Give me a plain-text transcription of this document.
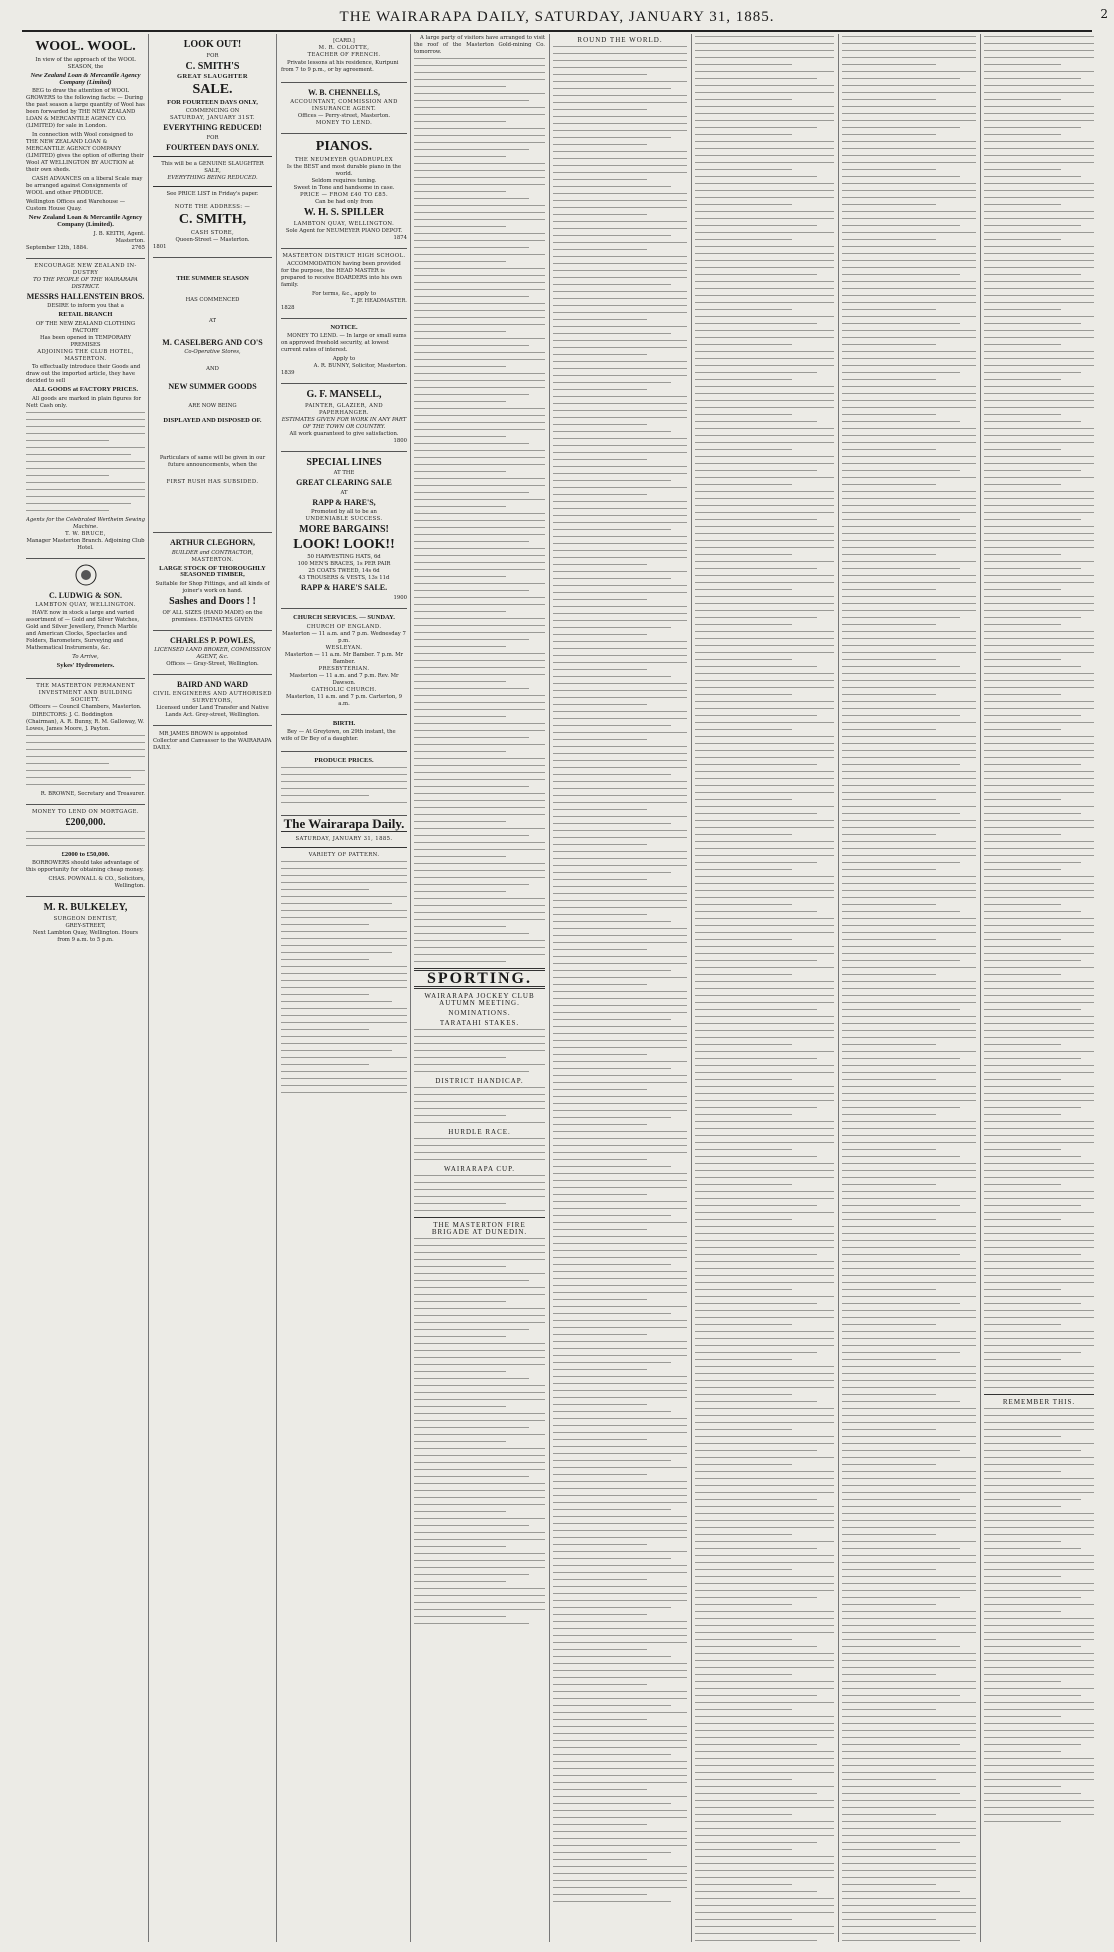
THE WAIRARAPA DAILY, SATURDAY, JANUARY 31, 1885.	2
WOOL. WOOL.
In view of the approach of the WOOL SEASON, the
New Zealand Loan & Mercantile Agency Company (Limited)

BEG to draw the attention of WOOL GROWERS to the following facts: — During the past season a large quantity of Wool has been forwarded by THE NEW ZEALAND LOAN & MERCANTILE AGENCY CO. (LIMITED) for sale in London.

In connection with Wool consigned to THE NEW ZEALAND LOAN & MERCANTILE AGENCY COMPANY (LIMITED) gives the option of offering their Wool AT WELLINGTON BY AUCTION at their own sheds.

CASH ADVANCES on a liberal Scale may be arranged against Consignments of WOOL and other PRODUCE.

Wellington Offices and Warehouse — Custom House Quay.
New Zealand Loan & Mercantile Agency Company (Limited).
J. B. KEITH, Agent.
Masterton.
September 12th, 1884.	2765
ENCOURAGE NEW ZEALAND IN-DUSTRY
TO THE PEOPLE OF THE WAIRARAPA DISTRICT.
MESSRS HALLENSTEIN BROS.
DESIRE to inform you that a
RETAIL BRANCH
OF THE NEW ZEALAND CLOTHING FACTORY
Has been opened in TEMPORARY PREMISES
ADJOINING THE CLUB HOTEL, MASTERTON.

To effectually introduce their Goods and draw out the imported article, they have decided to sell

ALL GOODS at FACTORY PRICES.

All goods are marked in plain figures for Nett Cash only.

Agents for the Celebrated Wertheim Sewing Machine.
T. W. BRUCE,
Manager Masterton Branch. Adjoining Club Hotel.
C. LUDWIG & SON.
LAMBTON QUAY, WELLINGTON.

HAVE now in stock a large and varied assortment of — Gold and Silver Watches, Gold and Silver Jewellery, French Marble and American Clocks, Spectacles and Folders, Barometers, Surveying and Mathematical Instruments, &c.

To Arrive,
Sykes' Hydrometers.
THE MASTERTON PERMANENT INVESTMENT AND BUILDING SOCIETY.
Officers — Council Chambers, Masterton.

DIRECTORS: J. C. Boddington (Chairman), A. R. Bunny, R. M. Galloway, W. Lowes, James Moore, J. Payton.

R. BROWNE, Secretary and Treasurer.
MONEY TO LEND ON MORTGAGE.
£200,000.
£2000 to £50,000.

BORROWERS should take advantage of this opportunity for obtaining cheap money.

CHAS. POWNALL & CO., Solicitors, Wellington.
M. R. BULKELEY,
SURGEON DENTIST,
GREY-STREET,
Next Lambton Quay, Wellington. Hours from 9 a.m. to 5 p.m.
LOOK OUT!
FOR
C. SMITH'S
GREAT SLAUGHTER
SALE.
FOR FOURTEEN DAYS ONLY,
COMMENCING ON
SATURDAY, JANUARY 31ST.
EVERYTHING REDUCED!
FOR
FOURTEEN DAYS ONLY.
This will be a GENUINE SLAUGHTER SALE,
EVERYTHING BEING REDUCED.
See PRICE LIST in Friday's paper.
NOTE THE ADDRESS: —
C. SMITH,
CASH STORE,
Queen-Street — Masterton.
1801
THE SUMMER SEASON
HAS COMMENCED
AT
M. CASELBERG AND CO'S
Co-Operative Stores,
AND
NEW SUMMER GOODS
ARE NOW BEING
DISPLAYED AND DISPOSED OF.
Particulars of same will be given in our future announcements, when the
FIRST RUSH HAS SUBSIDED.
ARTHUR CLEGHORN,
BUILDER and CONTRACTOR,
MASTERTON.
LARGE STOCK OF THOROUGHLY SEASONED TIMBER,
Suitable for Shop Fittings, and all kinds of joiner's work on hand.
Sashes and Doors ! !
OF ALL SIZES (HAND MADE) on the premises. ESTIMATES GIVEN
CHARLES P. POWLES,
LICENSED LAND BROKER, COMMISSION AGENT, &c.
Offices — Gray-Street, Wellington.
BAIRD AND WARD
CIVIL ENGINEERS AND AUTHORISED SURVEYORS,
Licensed under Land Transfer and Native Lands Act. Grey-street, Wellington.

MR JAMES BROWN is appointed Collector and Canvasser to the WAIRARAPA DAILY.

[CARD.]
M. R. COLOTTE,
TEACHER OF FRENCH.

Private lessons at his residence, Kuripuni from 7 to 9 p.m., or by agreement.

W. B. CHENNELLS,
ACCOUNTANT, COMMISSION AND INSURANCE AGENT.
Offices — Perry-street, Masterton.
MONEY TO LEND.
PIANOS.
THE NEUMEYER QUADRUPLEX
Is the BEST and most durable piano in the world.
Seldom requires tuning.
Sweet in Tone and handsome in case.
PRICE — FROM £40 TO £85.
Can be had only from
W. H. S. SPILLER
LAMBTON QUAY, WELLINGTON.
Sole Agent for NEUMEYER PIANO DEPOT.
1874
MASTERTON DISTRICT HIGH SCHOOL.

ACCOMMODATION having been provided for the purpose, the HEAD MASTER is prepared to receive BOARDERS into his own family.

For terms, &c., apply to
T. JE HEADMASTER.
1828
NOTICE.

MONEY TO LEND. — In large or small sums on approved freehold security, at lowest current rates of interest.

Apply to
A. R. BUNNY, Solicitor, Masterton.
1839
G. F. MANSELL,
PAINTER, GLAZIER, AND PAPERHANGER.
ESTIMATES GIVEN FOR WORK IN ANY PART OF THE TOWN OR COUNTRY.
All work guaranteed to give satisfaction.
1800
SPECIAL LINES
AT THE
GREAT CLEARING SALE
AT
RAPP & HARE'S,
Promoted by all to be an
UNDENIABLE SUCCESS.
MORE BARGAINS!
LOOK! LOOK!!
50 HARVESTING HATS, 6d
100 MEN'S BRACES, 1s PER PAIR
25 COATS TWEED, 14s 6d
43 TROUSERS & VESTS, 13s 11d
RAPP & HARE'S SALE.
1900
CHURCH SERVICES. — SUNDAY.
CHURCH OF ENGLAND.
Masterton — 11 a.m. and 7 p.m. Wednesday 7 p.m.
WESLEYAN.
Masterton — 11 a.m. Mr Bamber. 7 p.m. Mr Bamber.
PRESBYTERIAN.
Masterton — 11 a.m. and 7 p.m. Rev. Mr Dawson.
CATHOLIC CHURCH.
Masterton, 11 a.m. and 7 p.m. Carterton, 9 a.m.
BIRTH.

Bey — At Greytown, on 29th instant, the wife of Dr Bey of a daughter.

PRODUCE PRICES.
The Wairarapa Daily.
SATURDAY, JANUARY 31, 1885.
VARIETY OF PATTERN.

A large party of visitors have arranged to visit the roof of the Masterton Gold-mining Co. tomorrow.

SPORTING.
WAIRARAPA JOCKEY CLUB AUTUMN MEETING.
NOMINATIONS.
TARATAHI STAKES.
DISTRICT HANDICAP.
HURDLE RACE.
WAIRARAPA CUP.
THE MASTERTON FIRE BRIGADE AT DUNEDIN.
ROUND THE WORLD.
REMEMBER THIS.
